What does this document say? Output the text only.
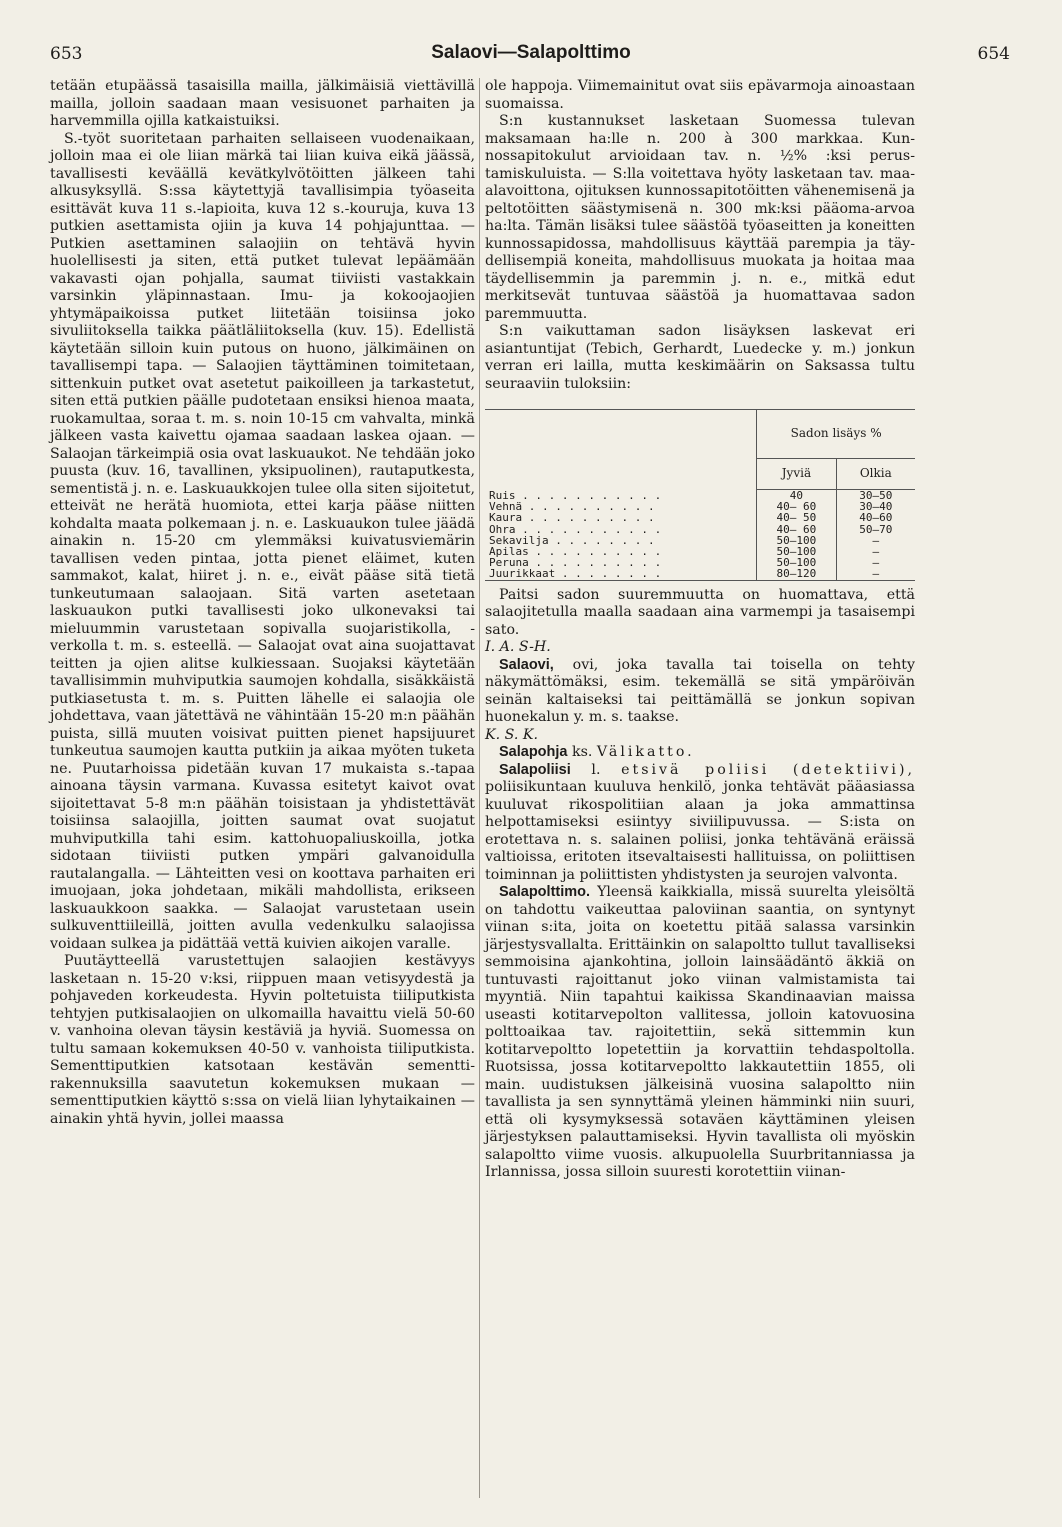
653	Salaovi—Salapolttimo	654

tetään etupäässä tasaisilla mailla, jälkimäisiä viettävillä mailla, jolloin saadaan maan vesisuonet parhaiten ja harvemmilla ojilla katkaistuiksi.

S.-työt suoritetaan parhaiten sellaiseen vuodenaikaan, jolloin maa ei ole liian märkä tai liian kuiva eikä jäässä, tavallisesti keväällä kevätkylvötöitten jälkeen tahi alkusyksyllä. S:ssa käytettyjä tavallisimpia työaseita esittävät kuva 11 s.-lapioita, kuva 12 s.-kouruja, kuva 13 putkien asettamista ojiin ja kuva 14 pohjajunttaa. — Putkien asettaminen salaojiin on tehtävä hyvin huolellisesti ja siten, että putket tulevat lepäämään vakavasti ojan pohjalla, saumat tiiviisti vastakkain varsinkin yläpinnastaan. Imu- ja kokoojaojien yhtymäpaikoissa putket liitetään toisiinsa joko sivuliitoksella taikka päätläliitoksella (kuv. 15). Edellistä käytetään silloin kuin putous on huono, jälkimäinen on tavallisempi tapa. — Salaojien täyttäminen toimitetaan, sittenkuin putket ovat asetetut paikoilleen ja tarkastetut, siten että putkien päälle pudotetaan ensiksi hienoa maata, ruokamultaa, soraa t. m. s. noin 10-15 cm vahvalta, minkä jälkeen vasta kaivettu ojamaa saadaan laskea ojaan. — Salaojan tärkeimpiä osia ovat laskuaukot. Ne tehdään joko puusta (kuv. 16, tavallinen, yksipuolinen), rautaputkesta, sementistä j. n. e. Laskuaukkojen tulee olla siten sijoitetut, etteivät ne herätä huomiota, ettei karja pääse niitten kohdalta maata polkemaan j. n. e. Laskuaukon tulee jäädä ainakin n. 15-20 cm ylemmäksi kuivatusviemärin tavallisen veden pintaa, jotta pienet eläimet, kuten sammakot, kalat, hiiret j. n. e., eivät pääse sitä tietä tunkeutumaan salaojaan. Sitä varten asetetaan laskuaukon putki tavallisesti joko ulkonevaksi tai mieluummin varustetaan sopivalla suojaristikolla, -verkolla t. m. s. esteellä. — Salaojat ovat aina suojattavat teitten ja ojien alitse kulkiessaan. Suojaksi käytetään tavallisimmin muhviputkia saumojen kohdalla, sisäkkäistä putkiasetusta t. m. s. Puitten lähelle ei salaojia ole johdettava, vaan jätettävä ne vähintään 15-20 m:n päähän puista, sillä muuten voisivat puitten pienet hapsijuuret tunkeutua saumojen kautta putkiin ja aikaa myöten tuketa ne. Puutarhoissa pidetään kuvan 17 mukaista s.-tapaa ainoana täysin varmana. Kuvassa esitetyt kaivot ovat sijoitettavat 5-8 m:n päähän toisistaan ja yhdistettävät toisiinsa salaojilla, joitten saumat ovat suojatut muhviputkilla tahi esim. kattohuopaliuskoilla, jotka sidotaan tiiviisti putken ympäri galvanoidulla rautalangalla. — Lähteitten vesi on koottava parhaiten eri imuojaan, joka johdetaan, mikäli mahdollista, erikseen laskuaukkoon saakka. — Salaojat varustetaan usein sulkuventtiileillä, joitten avulla vedenkulku salaojissa voidaan sulkea ja pidättää vettä kuivien aikojen varalle.

Puutäytteellä varustettujen salaojien kestävyys lasketaan n. 15-20 v:ksi, riippuen maan vetisyydestä ja pohjaveden korkeudesta. Hyvin poltetuista tiiliputkista tehtyjen putkisalaojien on ulkomailla havaittu vielä 50-60 v. vanhoina olevan täysin kestäviä ja hyviä. Suomessa on tultu samaan kokemuksen 40-50 v. vanhoista tiiliputkista. Sementtiputkien katsotaan kestävän sementtirakennuksilla saavutetun kokemuksen mukaan — sementtiputkien käyttö s:ssa on vielä liian lyhytaikainen — ainakin yhtä hyvin, jollei maassa

ole happoja. Viimemainitut ovat siis epävarmoja ainoastaan suomaissa.

S:n kustannukset lasketaan Suomessa tulevan maksamaan ha:lle n. 200 à 300 markkaa. Kunnossapitokulut arvioidaan tav. n. ½% :ksi perustamiskuluista. — S:lla voitettava hyöty lasketaan tav. maa-alavoittona, ojituksen kunnossapitotöitten vähenemisenä ja peltotöitten säästymisenä n. 300 mk:ksi pääoma-arvoa ha:lta. Tämän lisäksi tulee säästöä työaseitten ja koneitten kunnossapidossa, mahdollisuus käyttää parempia ja täydellisempiä koneita, mahdollisuus muokata ja hoitaa maa täydellisemmin ja paremmin j. n. e., mitkä edut merkitsevät tuntuvaa säästöä ja huomattavaa sadon paremmuutta.

S:n vaikuttaman sadon lisäyksen laskevat eri asiantuntijat (Tebich, Gerhardt, Luedecke y. m.) jonkun verran eri lailla, mutta keskimäärin on Saksassa tultu seuraaviin tuloksiin:

	Sadon lisäys %	
	Jyviä	Olkia
Ruis . . . . . . . . . . .	40	30—50
Vehnä . . . . . . . . . .	40— 60	30—40
Kaura . . . . . . . . . .	40— 50	40—60
Ohra . . . . . . . . . . .	40— 60	50—70
Sekavilja . . . . . . . .	50—100	—
Apilas . . . . . . . . . .	50—100	—
Peruna . . . . . . . . . .	50—100	—
Juurikkaat . . . . . . . .	80—120	—

Paitsi sadon suuremmuutta on huomattava, että salaojitetulla maalla saadaan aina varmempi ja tasaisempi sato.

I. A. S-H.

Salaovi, ovi, joka tavalla tai toisella on tehty näkymättömäksi, esim. tekemällä se sitä ympäröivän seinän kaltaiseksi tai peittämällä se jonkun sopivan huonekalun y. m. s. taakse.

K. S. K.

Salapohja ks. Välikatto.

Salapoliisi l. etsivä poliisi (detektiivi), poliisikuntaan kuuluva henkilö, jonka tehtävät pääasiassa kuuluvat rikospolitiian alaan ja joka ammattinsa helpottamiseksi esiintyy siviilipuvussa. — S:ista on erotettava n. s. salainen poliisi, jonka tehtävänä eräissä valtioissa, eritoten itsevaltaisesti hallituissa, on poliittisen toiminnan ja poliittisten yhdistysten ja seurojen valvonta.

Salapolttimo. Yleensä kaikkialla, missä suurelta yleisöltä on tahdottu vaikeuttaa paloviinan saantia, on syntynyt viinan s:ita, joita on koetettu pitää salassa varsinkin järjestysvallalta. Erittäinkin on salapoltto tullut tavalliseksi semmoisina ajankohtina, jolloin lainsäädäntö äkkiä on tuntuvasti rajoittanut joko viinan valmistamista tai myyntiä. Niin tapahtui kaikissa Skandinaavian maissa useasti kotitarvepolton vallitessa, jolloin katovuosina polttoaikaa tav. rajoitettiin, sekä sittemmin kun kotitarvepoltto lopetettiin ja korvattiin tehdaspoltolla. Ruotsissa, jossa kotitarvepoltto lakkautettiin 1855, oli main. uudistuksen jälkeisinä vuosina salapoltto niin tavallista ja sen synnyttämä yleinen hämminki niin suuri, että oli kysymyksessä sotaväen käyttäminen yleisen järjestyksen palauttamiseksi. Hyvin tavallista oli myöskin salapoltto viime vuosis. alkupuolella Suurbritanniassa ja Irlannissa, jossa silloin suuresti korotettiin viinan-
